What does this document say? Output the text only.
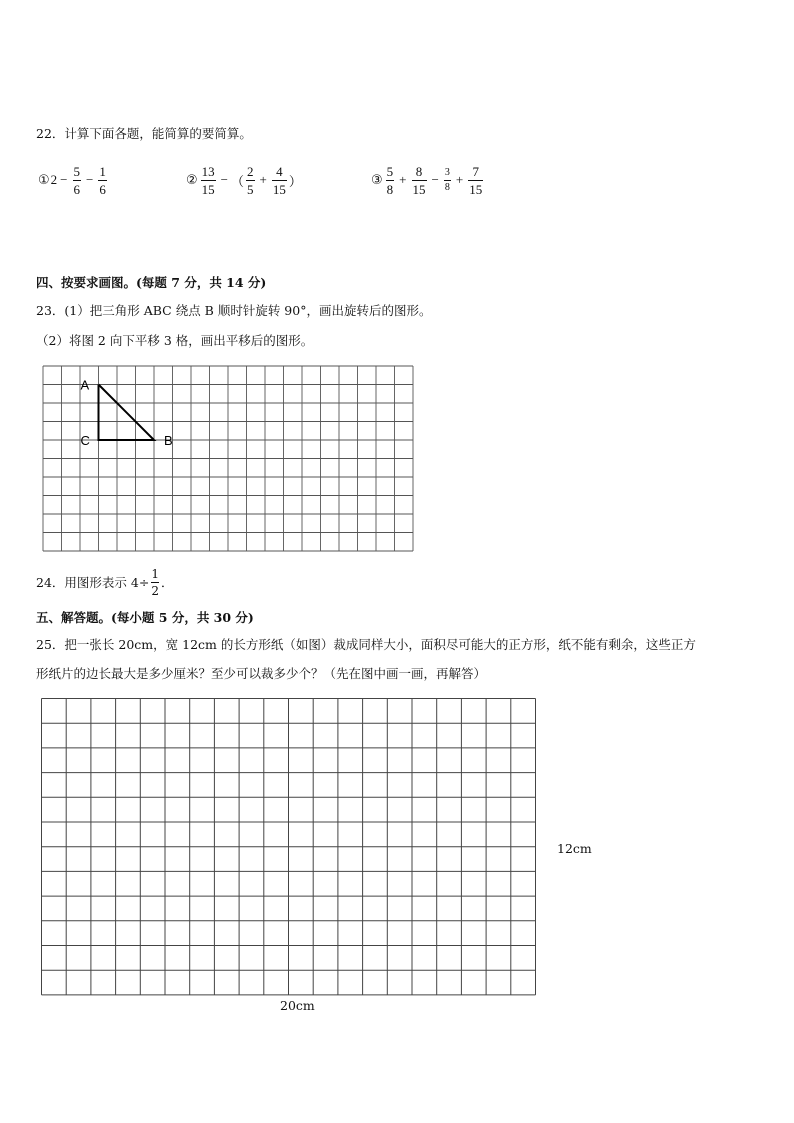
22．计算下面各题，能简算的要简算。
① $2 - \frac{5}{6} - \frac{1}{6}$	② $\frac{13}{15}$ − （ $\frac{2}{5} + \frac{4}{15}$ ）	③ $\frac{5}{8} + \frac{8}{15} - \frac{3}{8} + \frac{7}{15}$
四、按要求画图。(每题 7 分，共 14 分)
23．(1）把三角形 ABC 绕点 B 顺时针旋转 90°，画出旋转后的图形。
（2）将图 2 向下平移 3 格，画出平移后的图形。
A
C	B
24．用图形表示 $4\div \frac{1}{2}$ ．
五、解答题。(每小题 5 分，共 30 分)
25．把一张长 20cm，宽 12cm 的长方形纸（如图）裁成同样大小，面积尽可能大的正方形，纸不能有剩余，这些正方
形纸片的边长最大是多少厘米？至少可以裁多少个？（先在图中画一画，再解答）
12cm
20cm
